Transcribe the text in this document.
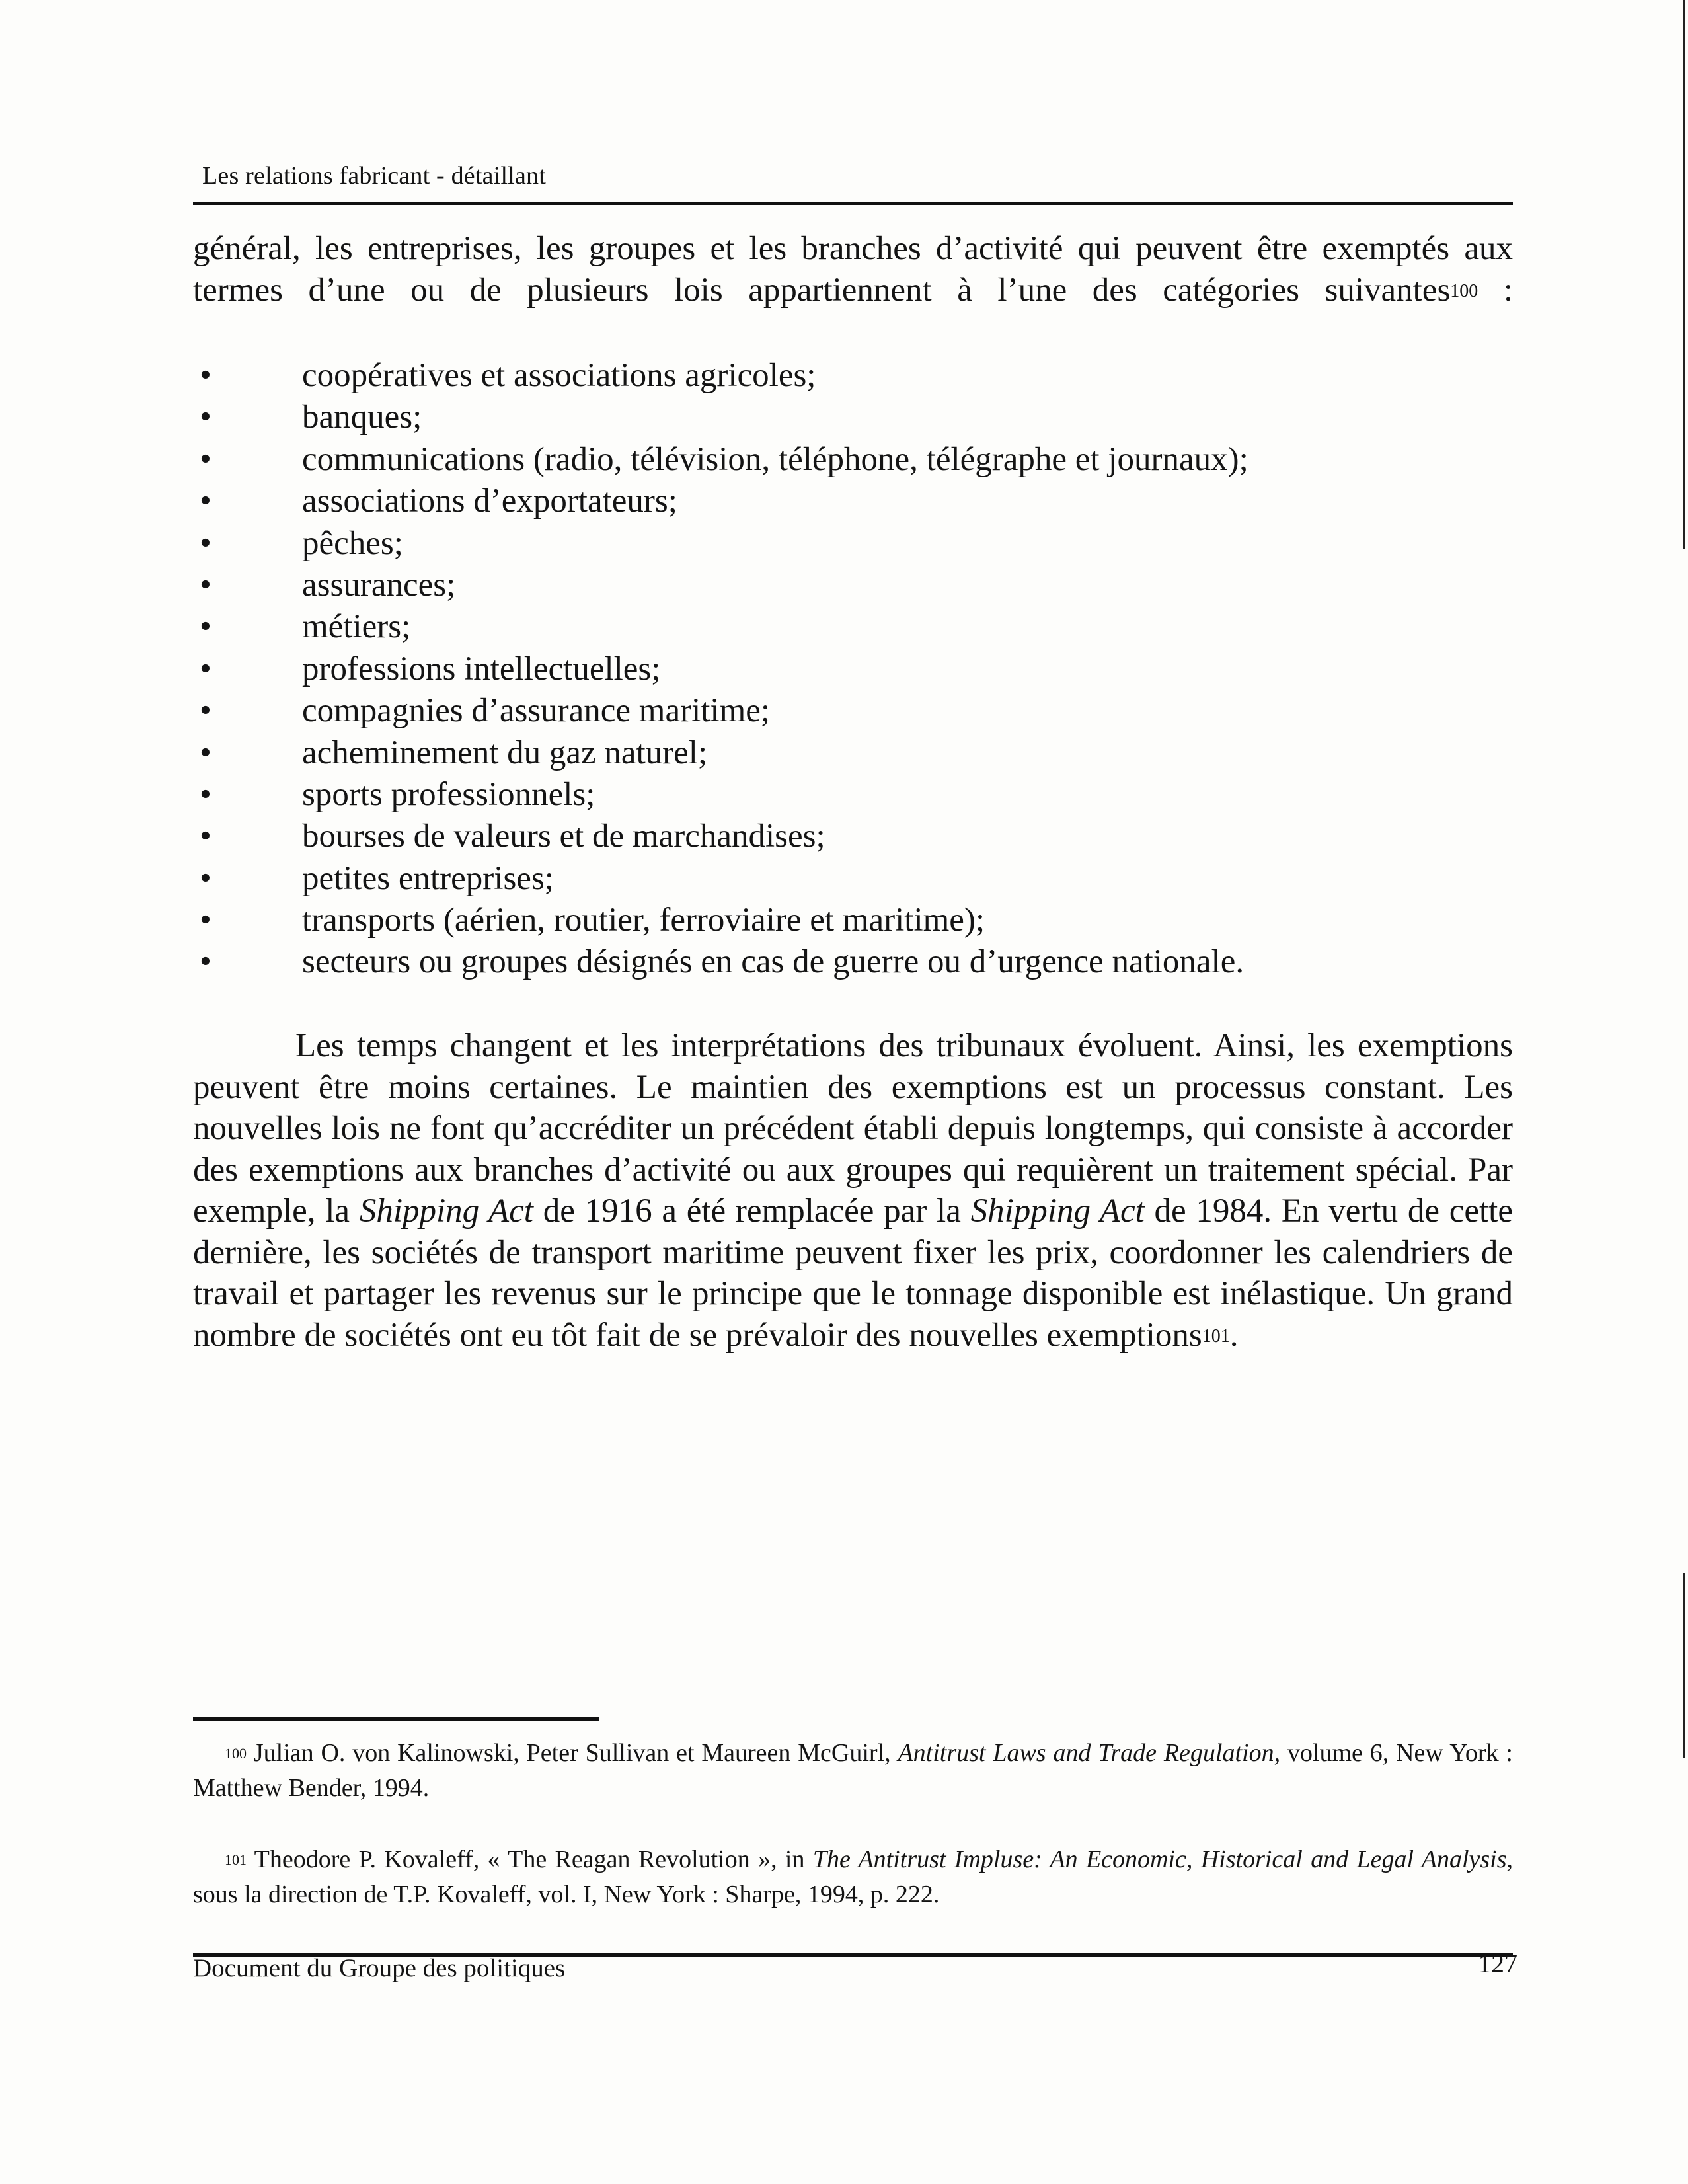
Les relations fabricant - détaillant

général, les entreprises, les groupes et les branches d’activité qui peuvent être exemptés aux termes d’une ou de plusieurs lois appartiennent à l’une des catégories suivantes$^{100}$ :

•	coopératives et associations agricoles;
•	banques;
•	communications (radio, télévision, téléphone, télégraphe et journaux);
•	associations d’exportateurs;
•	pêches;
•	assurances;
•	métiers;
•	professions intellectuelles;
•	compagnies d’assurance maritime;
•	acheminement du gaz naturel;
•	sports professionnels;
•	bourses de valeurs et de marchandises;
•	petites entreprises;
•	transports (aérien, routier, ferroviaire et maritime);
•	secteurs ou groupes désignés en cas de guerre ou d’urgence nationale.

Les temps changent et les interprétations des tribunaux évoluent. Ainsi, les exemptions peuvent être moins certaines. Le maintien des exemptions est un processus constant. Les nouvelles lois ne font qu’accréditer un précédent établi depuis longtemps, qui consiste à accorder des exemptions aux branches d’activité ou aux groupes qui requièrent un traitement spécial. Par exemple, la Shipping Act de 1916 a été remplacée par la Shipping Act de 1984. En vertu de cette dernière, les sociétés de transport maritime peuvent fixer les prix, coordonner les calendriers de travail et partager les revenus sur le principe que le tonnage disponible est inélastique. Un grand nombre de sociétés ont eu tôt fait de se prévaloir des nouvelles exemptions$^{101}$.

$^{100}$ Julian O. von Kalinowski, Peter Sullivan et Maureen McGuirl, Antitrust Laws and Trade Regulation, volume 6, New York : Matthew Bender, 1994.

$^{101}$ Theodore P. Kovaleff, « The Reagan Revolution », in The Antitrust Impluse: An Economic, Historical and Legal Analysis, sous la direction de T.P. Kovaleff, vol. I, New York : Sharpe, 1994, p. 222.

Document du Groupe des politiques	127
